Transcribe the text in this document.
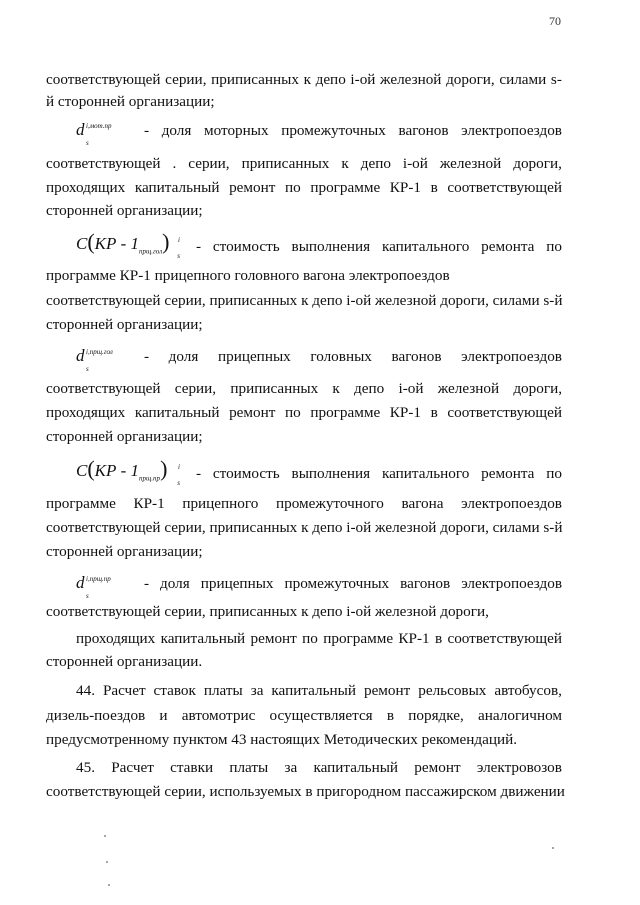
70
соответствующей серии, приписанных к депо i-ой железной дороги, силами s-
й сторонней организации;
d i,мот.пр
s
- доля моторных промежуточных вагонов электропоездов
соответствующей . серии, приписанных к депо i-ой железной дороги,
проходящих капитальный ремонт по программе КР-1 в соответствующей
сторонней организации;
$C(КР - 1_{прщ.гол})$ i
s
- стоимость выполнения капитального ремонта по
программе КР-1 прицепного головного вагона электропоездов
соответствующей серии, приписанных к депо i-ой железной дороги, силами s-й
сторонней организации;
d i,прщ.гол
s
- доля прицепных головных вагонов электропоездов
соответствующей серии, приписанных к депо i-ой железной дороги,
проходящих капитальный ремонт по программе КР-1 в соответствующей
сторонней организации;
$C(КР - 1_{прщ.пр})$ i
s
- стоимость выполнения капитального ремонта по
программе КР-1 прицепного промежуточного вагона электропоездов
соответствующей серии, приписанных к депо i-ой железной дороги, силами s-й
сторонней организации;
d i,прщ.пр
s
- доля прицепных промежуточных вагонов электропоездов
соответствующей серии, приписанных к депо i-ой железной дороги,
проходящих капитальный ремонт по программе КР-1 в соответствующей
сторонней организации.
44. Расчет ставок платы за капитальный ремонт рельсовых автобусов,
дизель-поездов и автомотрис осуществляется в порядке, аналогичном
предусмотренному пунктом 43 настоящих Методических рекомендаций.
45. Расчет ставки платы за капитальный ремонт электровозов
соответствующей серии, используемых в пригородном пассажирском движении
